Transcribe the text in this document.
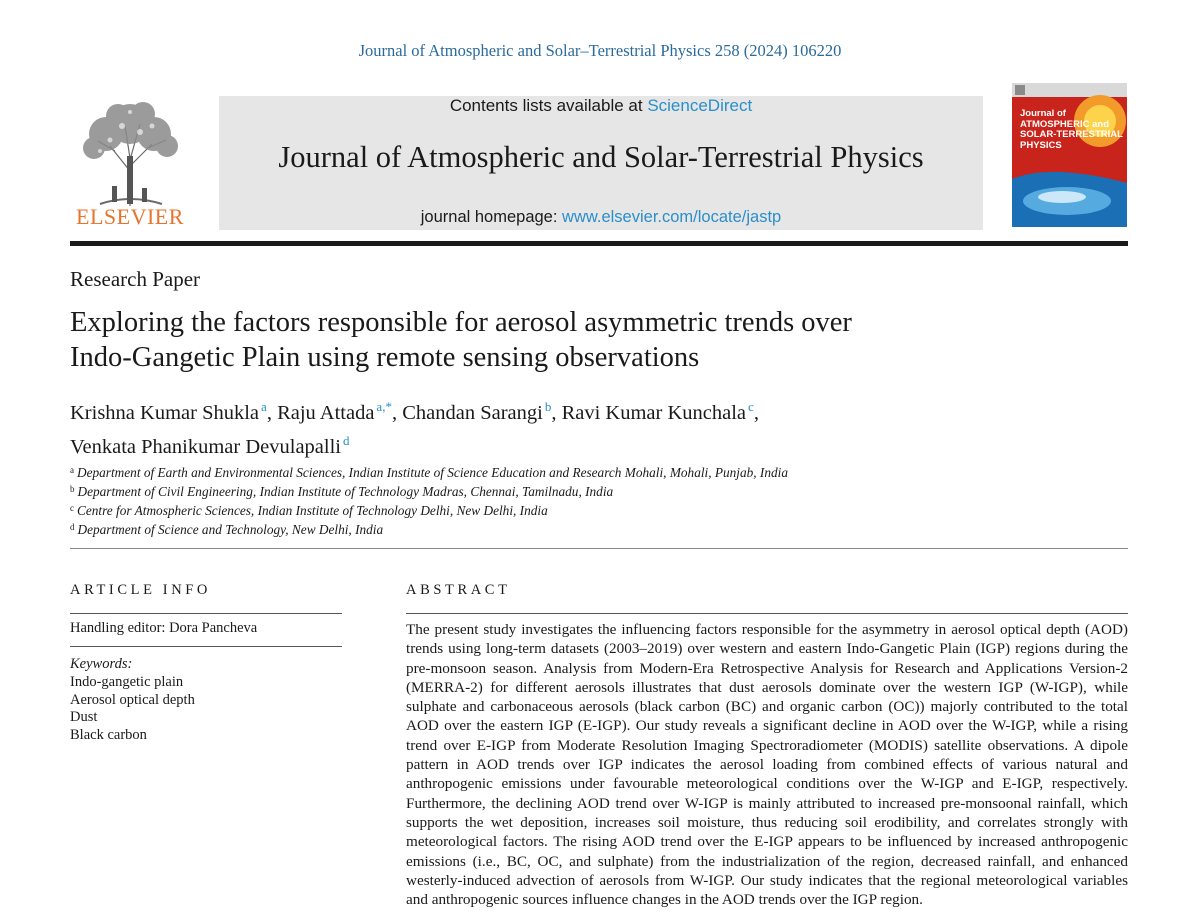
Journal of Atmospheric and Solar–Terrestrial Physics 258 (2024) 106220
ELSEVIER
Contents lists available at ScienceDirect
Journal of Atmospheric and Solar-Terrestrial Physics
journal homepage: www.elsevier.com/locate/jastp
Journal of
ATMOSPHERIC and
SOLAR-TERRESTRIAL
PHYSICS
Research Paper
Exploring the factors responsible for aerosol asymmetric trends over
Indo-Gangetic Plain using remote sensing observations
Krishna Kumar Shukla $^a$, Raju Attada $^{a,*}$, Chandan Sarangi $^b$, Ravi Kumar Kunchala $^c$,
Venkata Phanikumar Devulapalli $^d$
$^a$ Department of Earth and Environmental Sciences, Indian Institute of Science Education and Research Mohali, Mohali, Punjab, India
$^b$ Department of Civil Engineering, Indian Institute of Technology Madras, Chennai, Tamilnadu, India
$^c$ Centre for Atmospheric Sciences, Indian Institute of Technology Delhi, New Delhi, India
$^d$ Department of Science and Technology, New Delhi, India
ARTICLE INFO
Handling editor: Dora Pancheva
Keywords:
Indo-gangetic plain
Aerosol optical depth
Dust
Black carbon
ABSTRACT
The present study investigates the influencing factors responsible for the asymmetry in aerosol optical depth (AOD) trends using long-term datasets (2003–2019) over western and eastern Indo-Gangetic Plain (IGP) regions during the pre-monsoon season. Analysis from Modern-Era Retrospective Analysis for Research and Applications Version-2 (MERRA-2) for different aerosols illustrates that dust aerosols dominate over the western IGP (W-IGP), while sulphate and carbonaceous aerosols (black carbon (BC) and organic carbon (OC)) majorly contributed to the total AOD over the eastern IGP (E-IGP). Our study reveals a significant decline in AOD over the W-IGP, while a rising trend over E-IGP from Moderate Resolution Imaging Spectroradiometer (MODIS) satellite observations. A dipole pattern in AOD trends over IGP indicates the aerosol loading from combined effects of various natural and anthropogenic emissions under favourable meteorological conditions over the W-IGP and E-IGP, respectively. Furthermore, the declining AOD trend over W-IGP is mainly attributed to increased pre-monsoonal rainfall, which supports the wet deposition, increases soil moisture, thus reducing soil erodibility, and correlates strongly with meteorological factors. The rising AOD trend over the E-IGP appears to be influenced by increased anthropogenic emissions (i.e., BC, OC, and sulphate) from the industrialization of the region, decreased rainfall, and enhanced westerly-induced advection of aerosols from W-IGP. Our study indicates that the regional meteorological variables and anthropogenic sources influence changes in the AOD trends over the IGP region.
